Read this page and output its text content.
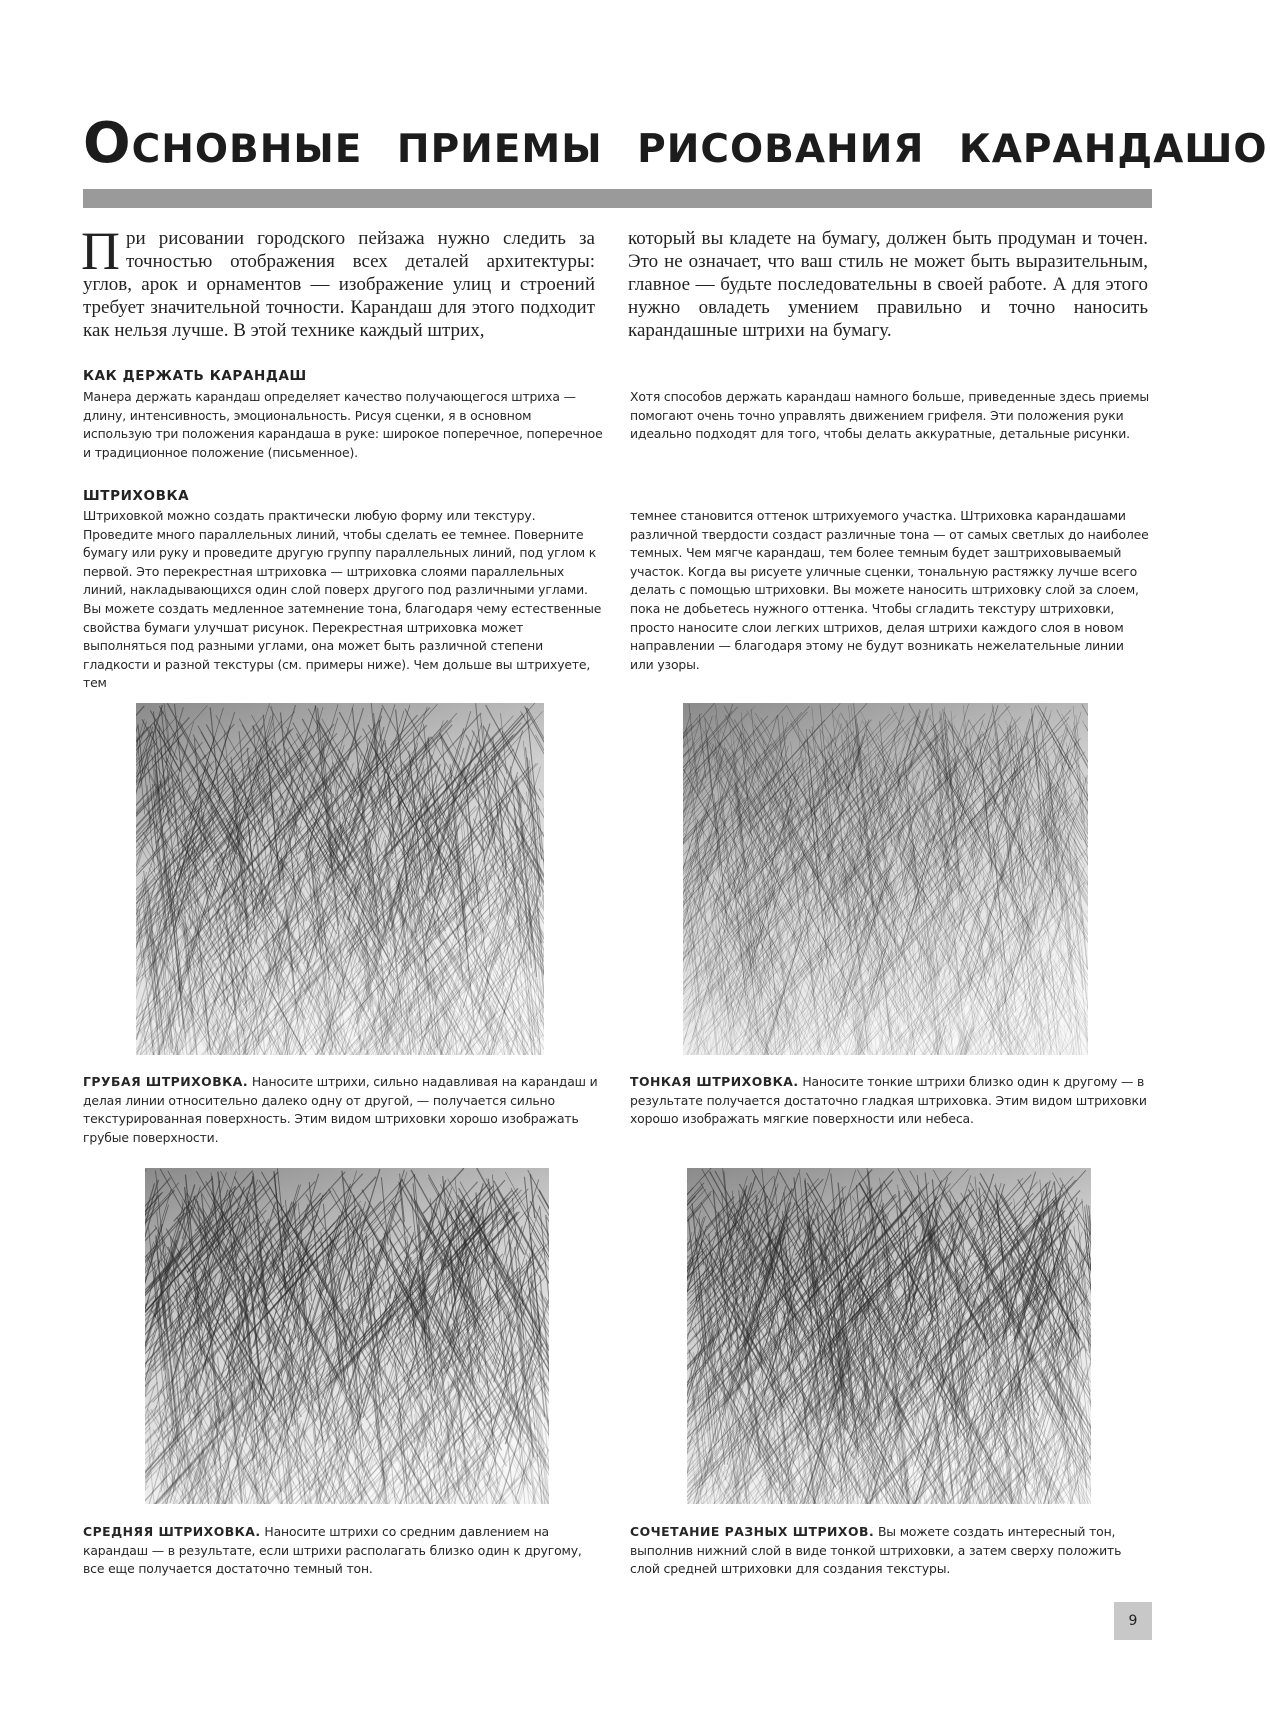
Основные приемы рисования карандашом

При рисовании городского пейзажа нужно следить за точностью отображения всех деталей архитектуры: углов, арок и орнаментов — изображение улиц и строений требует значительной точности. Карандаш для этого подходит как нельзя лучше. В этой технике каждый штрих,

который вы кладете на бумагу, должен быть продуман и точен. Это не означает, что ваш стиль не может быть выразительным, главное — будьте последовательны в своей работе. А для этого нужно овладеть умением правильно и точно наносить карандашные штрихи на бумагу.

КАК ДЕРЖАТЬ КАРАНДАШ

Манера держать карандаш определяет качество получающегося штриха — длину, интенсивность, эмоциональность. Рисуя сценки, я в основном использую три положения карандаша в руке: широкое поперечное, поперечное и традиционное положение (письменное).

Хотя способов держать карандаш намного больше, приведенные здесь приемы помогают очень точно управлять движением грифеля. Эти положения руки идеально подходят для того, чтобы делать аккуратные, детальные рисунки.

ШТРИХОВКА

Штриховкой можно создать практически любую форму или текстуру. Проведите много параллельных линий, чтобы сделать ее темнее. Поверните бумагу или руку и проведите другую группу параллельных линий, под углом к первой. Это перекрестная штриховка — штриховка слоями параллельных линий, накладывающихся один слой поверх другого под различными углами. Вы можете создать медленное затемнение тона, благодаря чему естественные свойства бумаги улучшат рисунок. Перекрестная штриховка может выполняться под разными углами, она может быть различной степени гладкости и разной текстуры (см. примеры ниже). Чем дольше вы штрихуете, тем

темнее становится оттенок штрихуемого участка. Штриховка карандашами различной твердости создаст различные тона — от самых светлых до наиболее темных. Чем мягче карандаш, тем более темным будет заштриховываемый участок. Когда вы рисуете уличные сценки, тональную растяжку лучше всего делать с помощью штриховки. Вы можете наносить штриховку слой за слоем, пока не добьетесь нужного оттенка. Чтобы сгладить текстуру штриховки, просто наносите слои легких штрихов, делая штрихи каждого слоя в новом направлении — благодаря этому не будут возникать нежелательные линии или узоры.

ГРУБАЯ ШТРИХОВКА. Наносите штрихи, сильно надавливая на карандаш и делая линии относительно далеко одну от другой, — получается сильно текстурированная поверхность. Этим видом штриховки хорошо изображать грубые поверхности.

ТОНКАЯ ШТРИХОВКА. Наносите тонкие штрихи близко один к другому — в результате получается достаточно гладкая штриховка. Этим видом штриховки хорошо изображать мягкие поверхности или небеса.

СРЕДНЯЯ ШТРИХОВКА. Наносите штрихи со средним давлением на карандаш — в результате, если штрихи располагать близко один к другому, все еще получается достаточно темный тон.

СОЧЕТАНИЕ РАЗНЫХ ШТРИХОВ. Вы можете создать интересный тон, выполнив нижний слой в виде тонкой штриховки, а затем сверху положить слой средней штриховки для создания текстуры.

9
